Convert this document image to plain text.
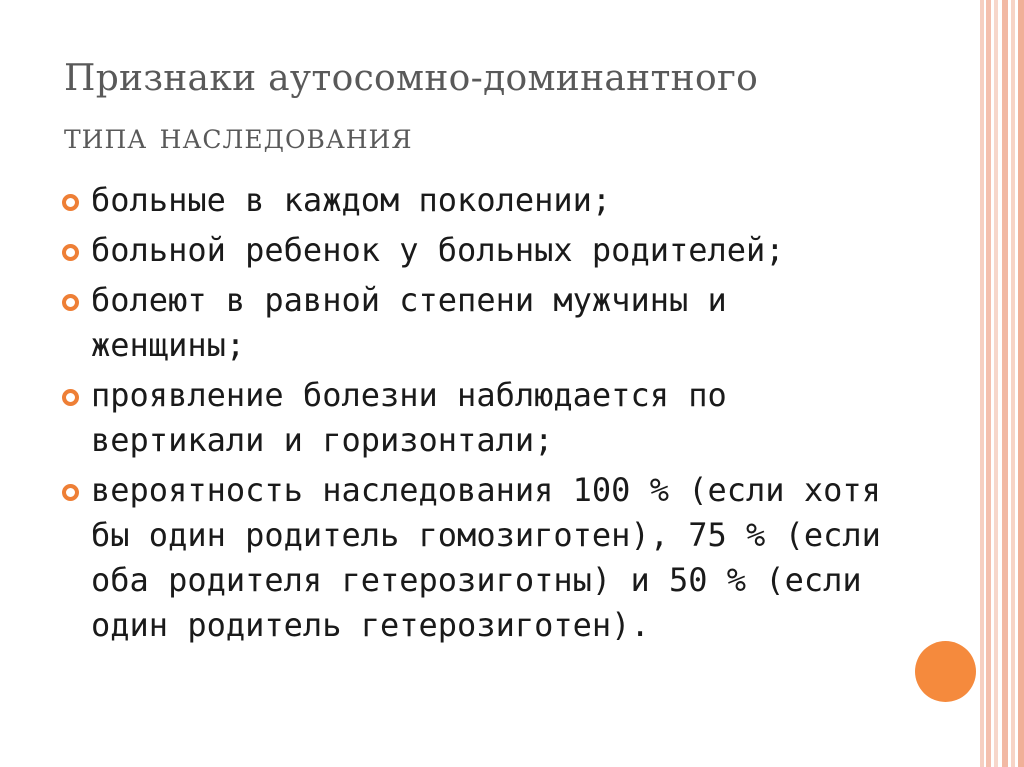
Признаки аутосомно-доминантного
типа наследования
больные в каждом поколении;
больной ребенок у больных родителей;
болеют в равной степени мужчины и женщины;
проявление болезни наблюдается по вертикали и горизонтали;
вероятность наследования 100 % (если хотя бы один родитель гомозиготен), 75 % (если оба родителя гетерозиготны) и 50 % (если один родитель гетерозиготен).
